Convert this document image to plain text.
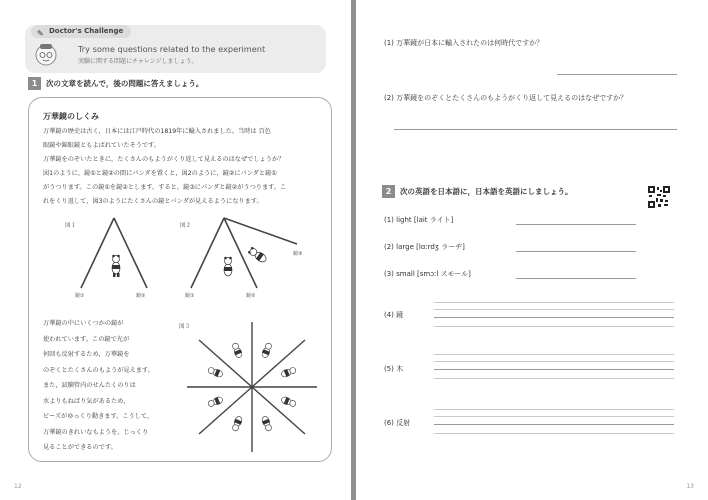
✎ Doctor's Challenge
Try some questions related to the experiment
実験に関する問題にチャレンジしましょう。
1	次の文章を読んで，後の問題に答えましょう。
万華鏡のしくみ

万華鏡の歴史は古く，日本には江戸時代の1819年に輸入されました。当時は 百色

眼鏡や錦眼鏡ともよばれていたそうです。

万華鏡をのぞいたときに，たくさんのもようがくり返して見えるのはなぜでしょうか？

図1のように，鏡①と鏡②の間にパンダを置くと，図2のように，鏡②にパンダと鏡①

がうつります。この鏡①を鏡②とします。すると，鏡③にパンダと鏡②がうつります。こ

れをくり返して，図3のようにたくさんの鏡とパンダが見えるようになります。

図１
鏡①	鏡②
図２
鏡①	鏡②
鏡③

万華鏡の中にいくつかの鏡が

使われています。この鏡で光が

何回も反射するため，万華鏡を

のぞくとたくさんのもようが見えます。

また，試験管内のせんたくのりは

水よりもねばり気があるため，

ビーズがゆっくり動きます。こうして，

万華鏡のきれいなもようを，じっくり

見ることができるのです。

図３
12
(1) 万華鏡が日本に輸入されたのは何時代ですか？
(2) 万華鏡をのぞくとたくさんのもようがくり返して見えるのはなぜですか？
2	次の英語を日本語に，日本語を英語にしましょう。
(1) light [lait ライト]
(2) large [lɑːrdʒ ラーヂ]
(3) small [smɔːl スモール]
(4) 鏡
(5) 木
(6) 反射
13
